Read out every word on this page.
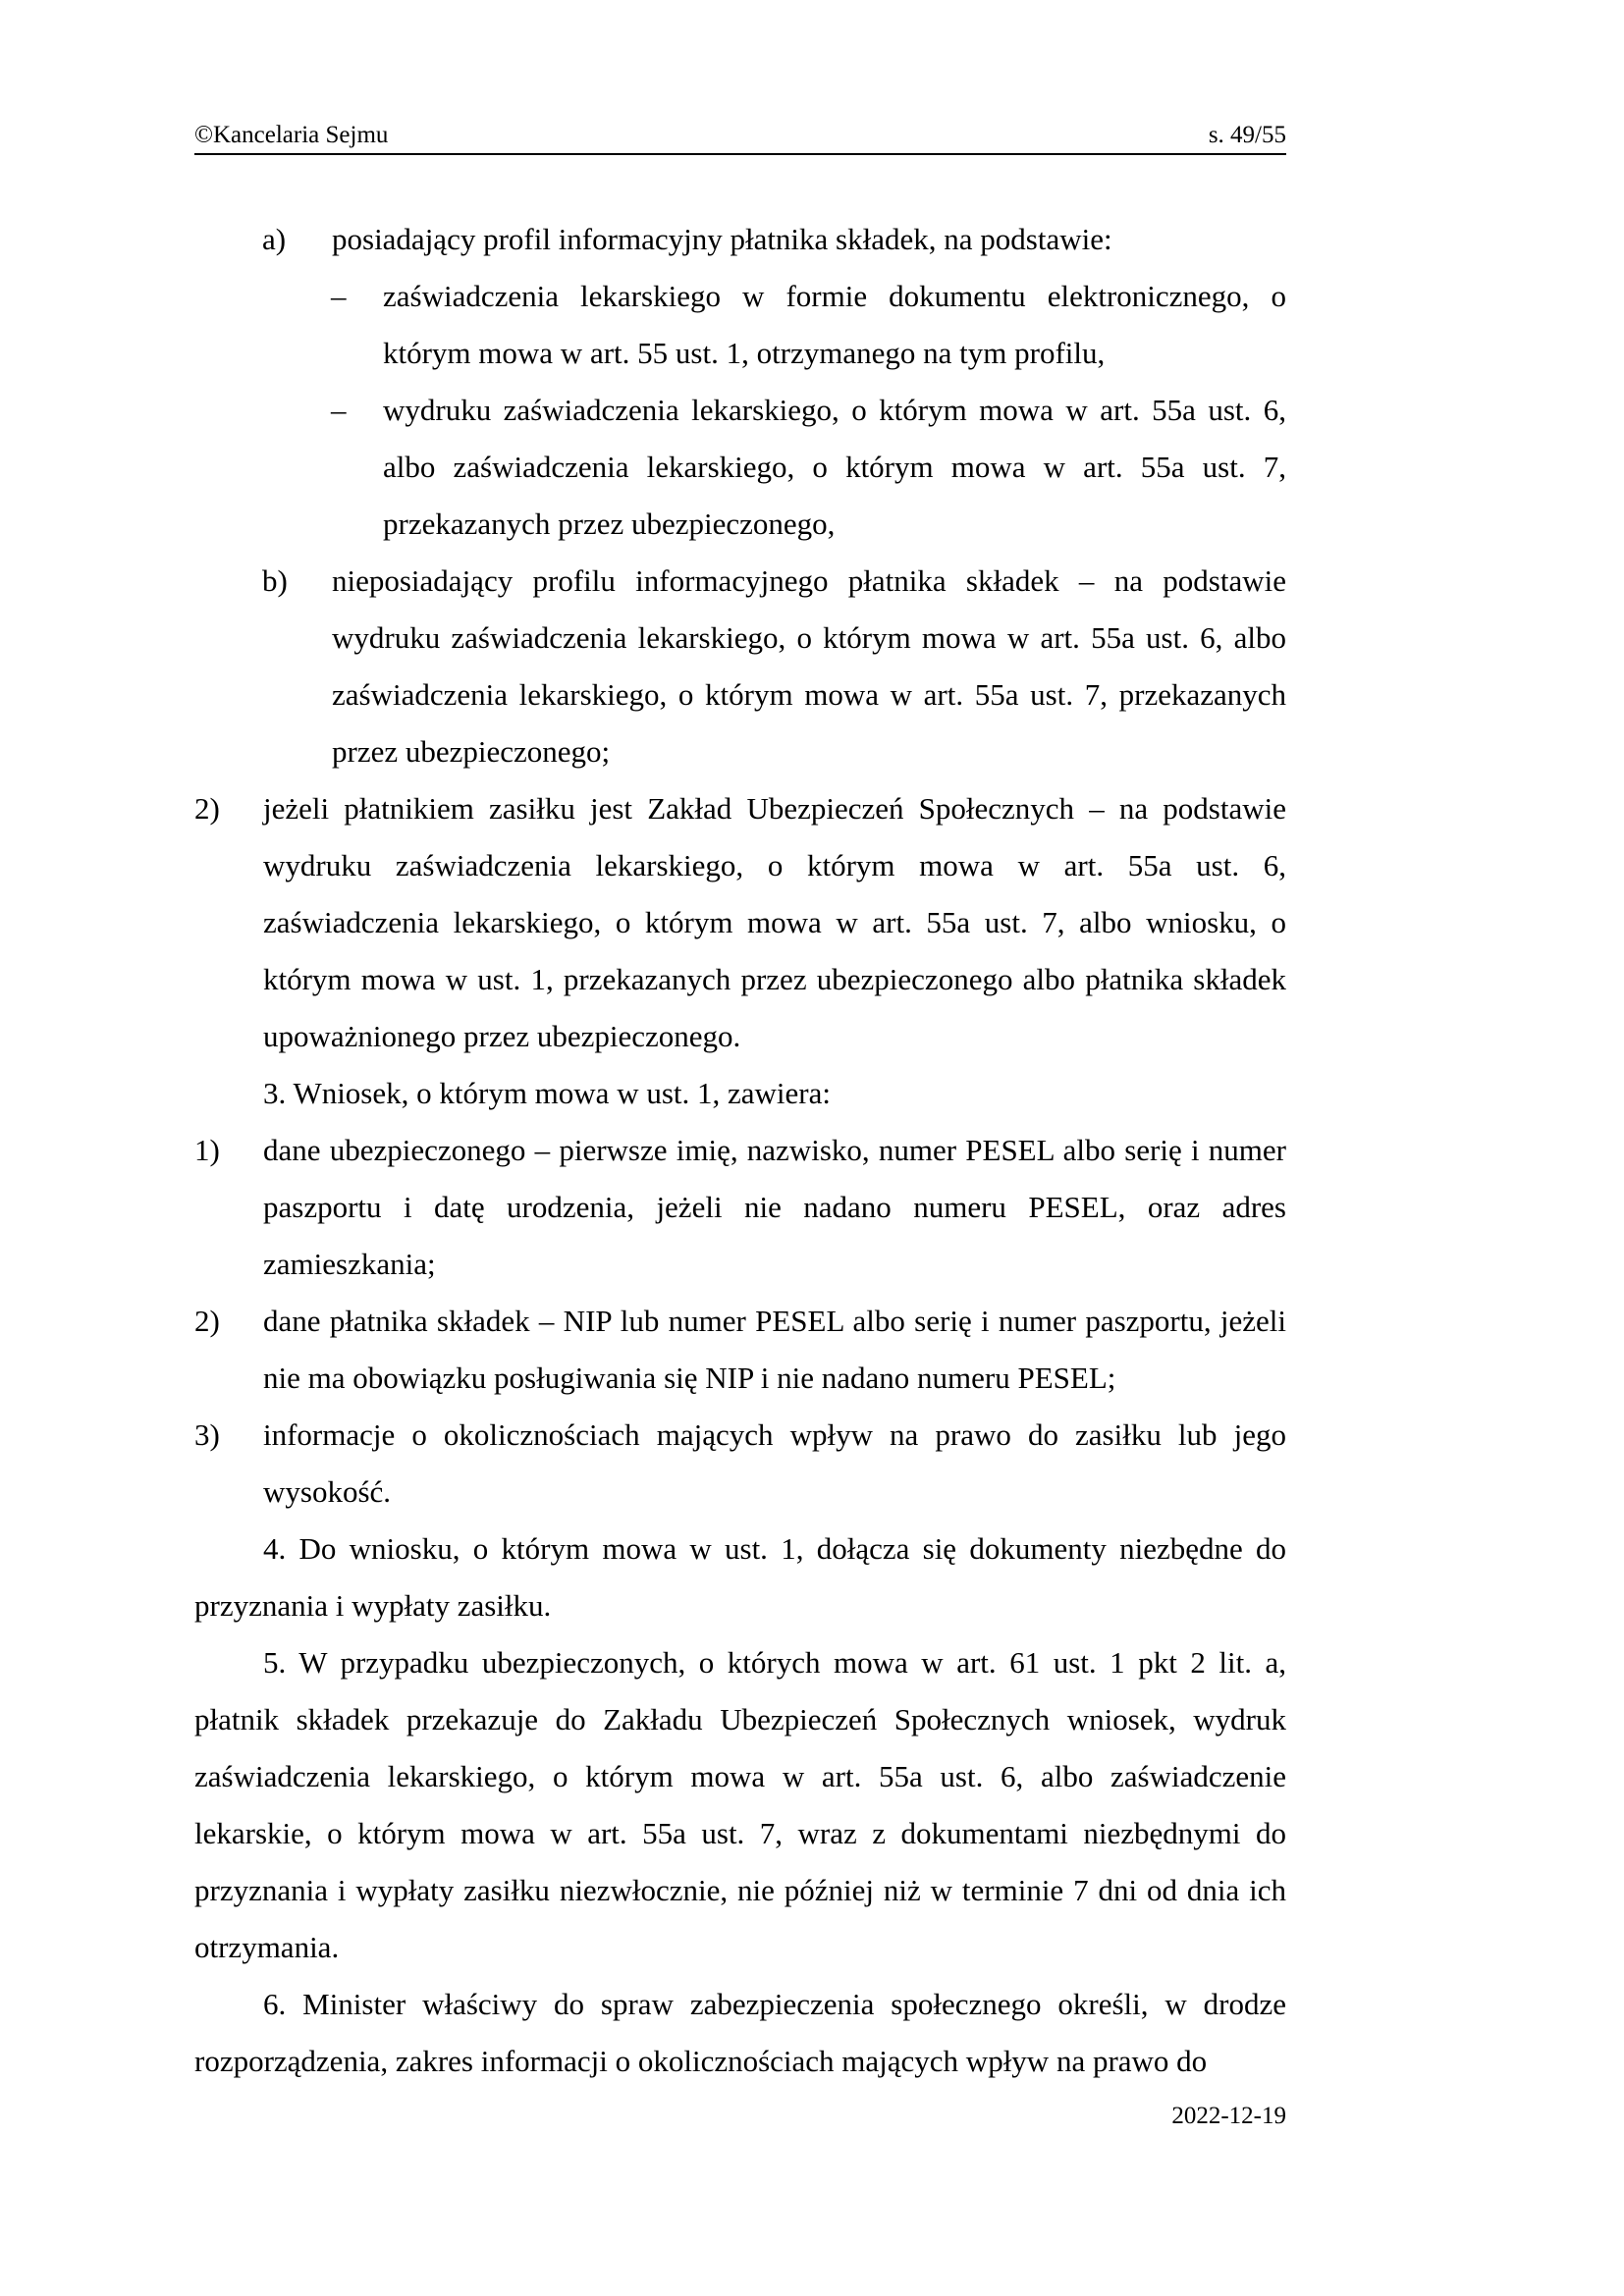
©Kancelaria Sejmu	s. 49/55
a) posiadający profil informacyjny płatnika składek, na podstawie:
– zaświadczenia lekarskiego w formie dokumentu elektronicznego, o którym mowa w art. 55 ust. 1, otrzymanego na tym profilu,
– wydruku zaświadczenia lekarskiego, o którym mowa w art. 55a ust. 6, albo zaświadczenia lekarskiego, o którym mowa w art. 55a ust. 7, przekazanych przez ubezpieczonego,
b) nieposiadający profilu informacyjnego płatnika składek – na podstawie wydruku zaświadczenia lekarskiego, o którym mowa w art. 55a ust. 6, albo zaświadczenia lekarskiego, o którym mowa w art. 55a ust. 7, przekazanych przez ubezpieczonego;
2) jeżeli płatnikiem zasiłku jest Zakład Ubezpieczeń Społecznych – na podstawie wydruku zaświadczenia lekarskiego, o którym mowa w art. 55a ust. 6, zaświadczenia lekarskiego, o którym mowa w art. 55a ust. 7, albo wniosku, o którym mowa w ust. 1, przekazanych przez ubezpieczonego albo płatnika składek upoważnionego przez ubezpieczonego.
3. Wniosek, o którym mowa w ust. 1, zawiera:
1) dane ubezpieczonego – pierwsze imię, nazwisko, numer PESEL albo serię i numer paszportu i datę urodzenia, jeżeli nie nadano numeru PESEL, oraz adres zamieszkania;
2) dane płatnika składek – NIP lub numer PESEL albo serię i numer paszportu, jeżeli nie ma obowiązku posługiwania się NIP i nie nadano numeru PESEL;
3) informacje o okolicznościach mających wpływ na prawo do zasiłku lub jego wysokość.
4. Do wniosku, o którym mowa w ust. 1, dołącza się dokumenty niezbędne do przyznania i wypłaty zasiłku.
5. W przypadku ubezpieczonych, o których mowa w art. 61 ust. 1 pkt 2 lit. a, płatnik składek przekazuje do Zakładu Ubezpieczeń Społecznych wniosek, wydruk zaświadczenia lekarskiego, o którym mowa w art. 55a ust. 6, albo zaświadczenie lekarskie, o którym mowa w art. 55a ust. 7, wraz z dokumentami niezbędnymi do przyznania i wypłaty zasiłku niezwłocznie, nie później niż w terminie 7 dni od dnia ich otrzymania.
6. Minister właściwy do spraw zabezpieczenia społecznego określi, w drodze rozporządzenia, zakres informacji o okolicznościach mających wpływ na prawo do
2022-12-19
